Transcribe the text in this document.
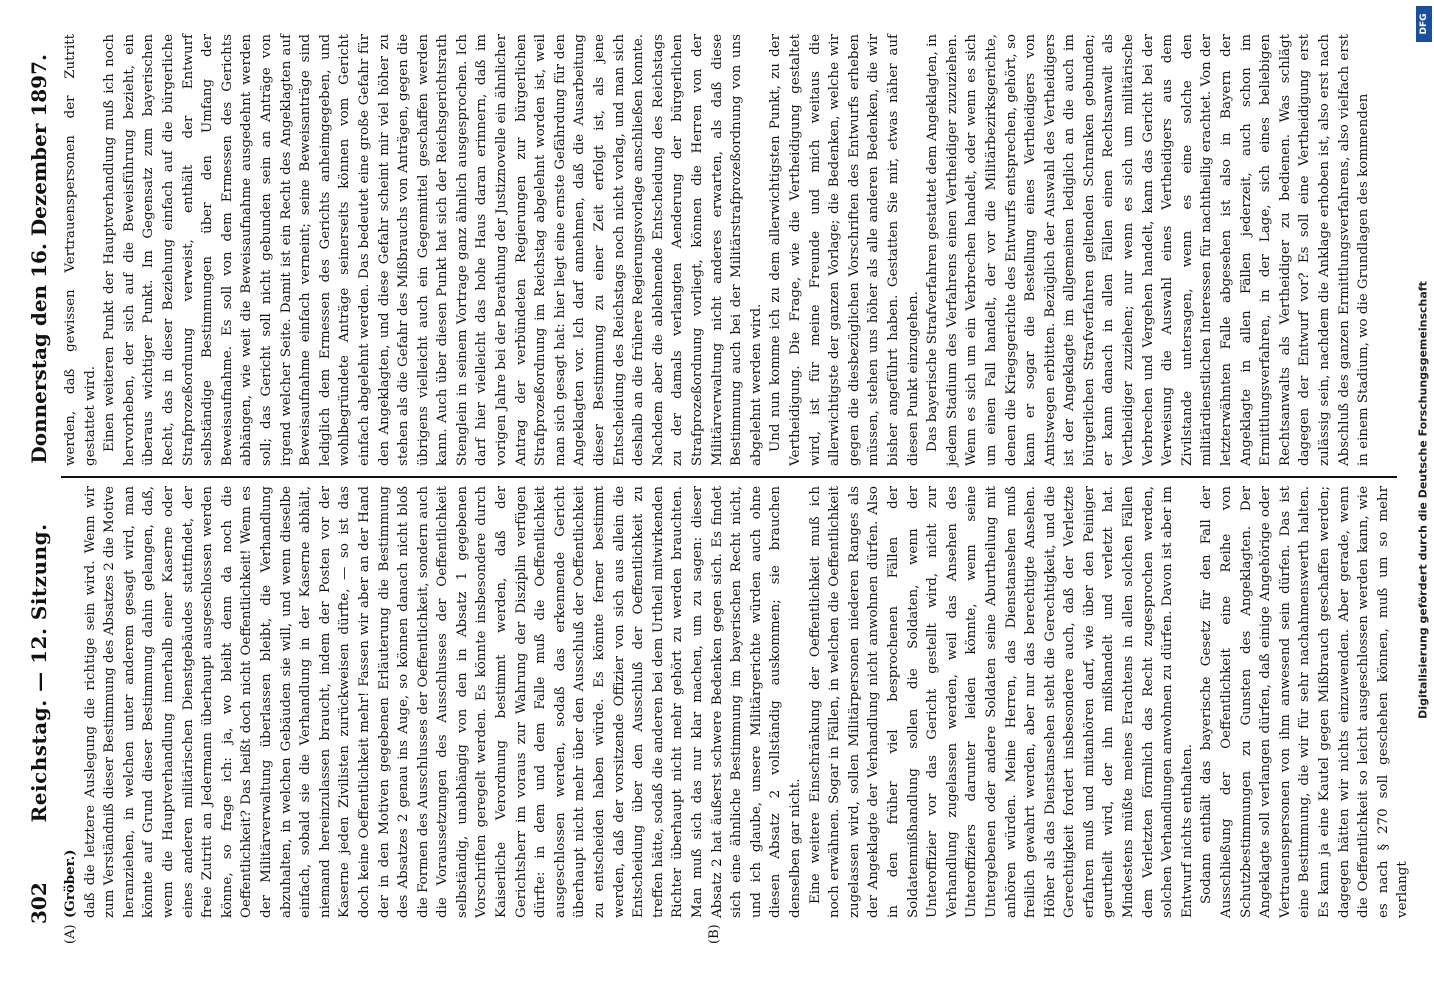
302
Reichstag. — 12. Sitzung.
Donnerstag den 16. Dezember 1897.

(Gröber.) daß die letztere Auslegung die richtige sein wird. Wenn wir zum Verständniß dieser Bestimmung des Absatzes 2 die Motive heranziehen, in welchen unter anderem gesagt wird, man könnte auf Grund dieser Bestimmung dahin gelangen, daß, wenn die Hauptverhandlung innerhalb einer Kaserne oder eines anderen militärischen Dienstgebäudes stattfindet, der freie Zutritt an Jedermann überhaupt ausgeschlossen werden könne, so frage ich: ja, wo bleibt denn da noch die Oeffentlichkeit? Das heißt doch nicht Oeffentlichkeit! Wenn es der Militärverwaltung überlassen bleibt, die Verhandlung abzuhalten, in welchen Gebäuden sie will, und wenn dieselbe einfach, sobald sie die Verhandlung in der Kaserne abhält, niemand hereinzulassen braucht, indem der Posten vor der Kaserne jeden Zivilisten zurückweisen dürfte, — so ist das doch keine Oeffentlichkeit mehr! Fassen wir aber an der Hand der in den Motiven gegebenen Erläuterung die Bestimmung des Absatzes 2 genau ins Auge, so können danach nicht bloß die Formen des Ausschlusses der Oeffentlichkeit, sondern auch die Voraussetzungen des Ausschlusses der Oeffentlichkeit selbständig, unabhängig von den in Absatz 1 gegebenen Vorschriften geregelt werden. Es könnte insbesondere durch Kaiserliche Verordnung bestimmt werden, daß der Gerichtsherr im voraus zur Wahrung der Disziplin verfügen dürfte: in dem und dem Falle muß die Oeffentlichkeit ausgeschlossen werden, sodaß das erkennende Gericht überhaupt nicht mehr über den Ausschluß der Oeffentlichkeit zu entscheiden haben würde. Es könnte ferner bestimmt werden, daß der vorsitzende Offizier von sich aus allein die Entscheidung über den Ausschluß der Oeffentlichkeit zu treffen hätte, sodaß die anderen bei dem Urtheil mitwirkenden Richter überhaupt nicht mehr gehört zu werden brauchten. Man muß sich das nur klar machen, um zu sagen: dieser Absatz 2 hat äußerst schwere Bedenken gegen sich. Es findet sich eine ähnliche Bestimmung im bayerischen Recht nicht, und ich glaube, unsere Militärgerichte würden auch ohne diesen Absatz 2 vollständig auskommen; sie brauchen denselben gar nicht. Eine weitere Einschränkung der Oeffentlichkeit muß ich noch erwähnen. Sogar in Fällen, in welchen die Oeffentlichkeit zugelassen wird, sollen Militärpersonen niederen Ranges als der Angeklagte der Verhandlung nicht anwohnen dürfen. Also in den früher viel besprochenen Fällen der Soldatenmißhandlung sollen die Soldaten, wenn der Unteroffizier vor das Gericht gestellt wird, nicht zur Verhandlung zugelassen werden, weil das Ansehen des Unteroffiziers darunter leiden könnte, wenn seine Untergebenen oder andere Soldaten seine Aburtheilung mit anhören würden. Meine Herren, das Dienstansehen muß freilich gewahrt werden, aber nur das berechtigte Ansehen. Höher als das Dienstansehen steht die Gerechtigkeit, und die Gerechtigkeit fordert insbesondere auch, daß der Verletzte erfahren muß und mitanhören darf, wie über den Peiniger geurtheilt wird, der ihn mißhandelt und verletzt hat. Mindestens müßte meines Erachtens in allen solchen Fällen dem Verletzten förmlich das Recht zugesprochen werden, solchen Verhandlungen anwohnen zu dürfen. Davon ist aber im Entwurf nichts enthalten. Sodann enthält das bayerische Gesetz für den Fall der Ausschließung der Oeffentlichkeit eine Reihe von Schutzbestimmungen zu Gunsten des Angeklagten. Der Angeklagte soll verlangen dürfen, daß einige Angehörige oder Vertrauenspersonen von ihm anwesend sein dürfen. Das ist eine Bestimmung, die wir für sehr nachahmenswerth halten. Es kann ja eine Kautel gegen Mißbrauch geschaffen werden; dagegen hätten wir nichts einzuwenden. Aber gerade, wenn die Oeffentlichkeit so leicht ausgeschlossen werden kann, wie es nach § 270 soll geschehen können, muß um so mehr verlangt

werden, daß gewissen Vertrauenspersonen der Zutritt gestattet wird. Einen weiteren Punkt der Hauptverhandlung muß ich noch hervorheben, der sich auf die Beweisführung bezieht, ein überaus wichtiger Punkt. Im Gegensatz zum bayerischen Recht, das in dieser Beziehung einfach auf die bürgerliche Strafprozeßordnung verweist, enthält der Entwurf selbständige Bestimmungen über den Umfang der Beweisaufnahme. Es soll von dem Ermessen des Gerichts abhängen, wie weit die Beweisaufnahme ausgedehnt werden soll; das Gericht soll nicht gebunden sein an Anträge von irgend welcher Seite. Damit ist ein Recht des Angeklagten auf Beweisaufnahme einfach verneint; seine Beweisanträge sind lediglich dem Ermessen des Gerichts anheimgegeben, und wohlbegründete Anträge seinerseits können vom Gericht einfach abgelehnt werden. Das bedeutet eine große Gefahr für den Angeklagten, und diese Gefahr scheint mir viel höher zu stehen als die Gefahr des Mißbrauchs von Anträgen, gegen die übrigens vielleicht auch ein Gegenmittel geschaffen werden kann. Auch über diesen Punkt hat sich der Reichsgerichtsrath Stenglein in seinem Vortrage ganz ähnlich ausgesprochen. Ich darf hier vielleicht das hohe Haus daran erinnern, daß im vorigen Jahre bei der Berathung der Justiznovelle ein ähnlicher Antrag der verbündeten Regierungen zur bürgerlichen Strafprozeßordnung im Reichstag abgelehnt worden ist, weil man sich gesagt hat: hier liegt eine ernste Gefährdung für den Angeklagten vor. Ich darf annehmen, daß die Ausarbeitung dieser Bestimmung zu einer Zeit erfolgt ist, als jene Entscheidung des Reichstags noch nicht vorlag, und man sich deshalb an die frühere Regierungsvorlage anschließen konnte. Nachdem aber die ablehnende Entscheidung des Reichstags zu der damals verlangten Aenderung der bürgerlichen Strafprozeßordnung vorliegt, können die Herren von der Militärverwaltung nicht anderes erwarten, als daß diese Bestimmung auch bei der Militärstrafprozeßordnung von uns abgelehnt werden wird. Und nun komme ich zu dem allerwichtigsten Punkt, zu der Vertheidigung. Die Frage, wie die Vertheidigung gestaltet wird, ist für meine Freunde und mich weitaus die allerwichtigste der ganzen Vorlage; die Bedenken, welche wir gegen die diesbezüglichen Vorschriften des Entwurfs erheben müssen, stehen uns höher als alle anderen Bedenken, die wir bisher angeführt haben. Gestatten Sie mir, etwas näher auf diesen Punkt einzugehen. Das bayerische Strafverfahren gestattet dem Angeklagten, in jedem Stadium des Verfahrens einen Vertheidiger zuzuziehen. Wenn es sich um ein Verbrechen handelt, oder wenn es sich um einen Fall handelt, der vor die Militärbezirksgerichte, denen die Kriegsgerichte des Entwurfs entsprechen, gehört, so kann er sogar die Bestellung eines Vertheidigers von Amtswegen erbitten. Bezüglich der Auswahl des Vertheidigers ist der Angeklagte im allgemeinen lediglich an die auch im bürgerlichen Strafverfahren geltenden Schranken gebunden; er kann danach in allen Fällen einen Rechtsanwalt als Vertheidiger zuziehen; nur wenn es sich um militärische Verbrechen und Vergehen handelt, kann das Gericht bei der Verweisung die Auswahl eines Vertheidigers aus dem Zivilstande untersagen, wenn es eine solche den militärdienstlichen Interessen für nachtheilig erachtet. Von der letzterwähnten Falle abgesehen ist also in Bayern der Angeklagte in allen Fällen jederzeit, auch schon im Ermittlungsverfahren, in der Lage, sich eines beliebigen Rechtsanwalts als Vertheidiger zu bedienen. Was schlägt dagegen der Entwurf vor? Es soll eine Vertheidigung erst zulässig sein, nachdem die Anklage erhoben ist, also erst nach Abschluß des ganzen Ermittlungsverfahrens, also vielfach erst in einem Stadium, wo die Grundlagen des kommenden

(A)	(B)
Digitalisierung gefördert durch die Deutsche Forschungsgemeinschaft
DFG
